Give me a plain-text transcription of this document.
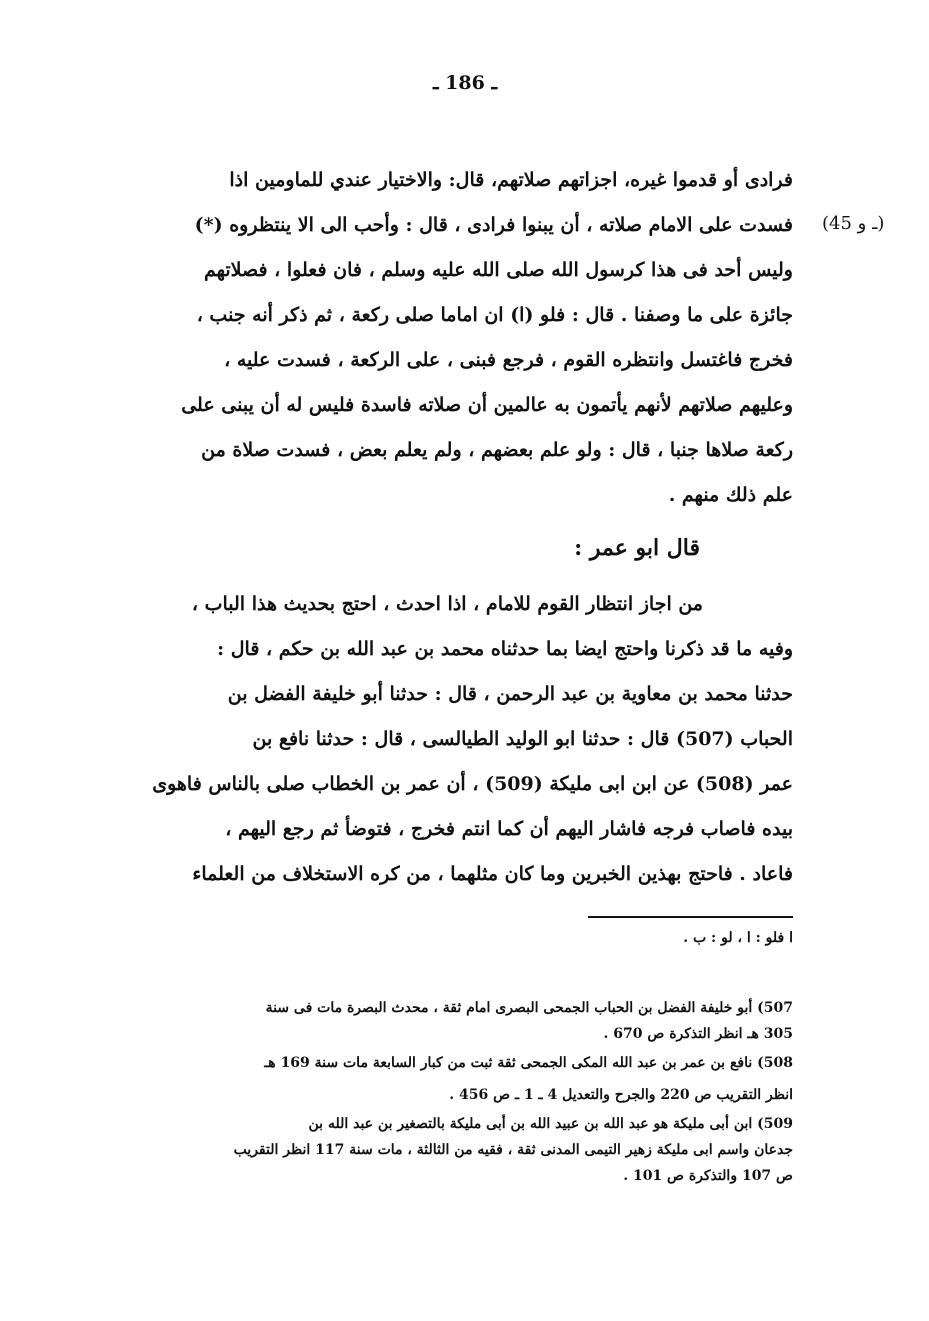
ـ 186 ـ
(45 ـ و)
فرادى أو قدموا غيره، اجزاتهم صلاتهم، قال: والاختيار عندي للماومين اذا
فسدت على الامام صلاته ، أن يبنوا فرادى ، قال : وأحب الى الا ينتظروه (*)
وليس أحد فى هذا كرسول الله صلى الله عليه وسلم ، فان فعلوا ، فصلاتهم
جائزة على ما وصفنا . قال : فلو (ا) ان اماما صلى ركعة ، ثم ذكر أنه جنب ،
فخرج فاغتسل وانتظره القوم ، فرجع فبنى ، على الركعة ، فسدت عليه ،
وعليهم صلاتهم لأنهم يأتمون به عالمين أن صلاته فاسدة فليس له أن يبنى على
ركعة صلاها جنبا ، قال : ولو علم بعضهم ، ولم يعلم بعض ، فسدت صلاة من
علم ذلك منهم .
قال ابو عمر :
من اجاز انتظار القوم للامام ، اذا احدث ، احتج بحديث هذا الباب ،
وفيه ما قد ذكرنا واحتج ايضا بما حدثناه محمد بن عبد الله بن حكم ، قال :
حدثنا محمد بن معاوية بن عبد الرحمن ، قال : حدثنا أبو خليفة الفضل بن
الحباب (507) قال : حدثنا ابو الوليد الطيالسى ، قال : حدثنا نافع بن
عمر (508) عن ابن ابى مليكة (509) ، أن عمر بن الخطاب صلى بالناس فاهوى
بيده فاصاب فرجه فاشار اليهم أن كما انتم فخرج ، فتوضأ ثم رجع اليهم ،
فاعاد . فاحتج بهذين الخبرين وما كان مثلهما ، من كره الاستخلاف من العلماء
ا فلو : ا ، لو : ب .
507) أبو خليفة الفضل بن الحباب الجمحى البصرى امام ثقة ، محدث البصرة مات فى سنة
305 هـ انظر التذكرة ص 670 .
508) نافع بن عمر بن عبد الله المكى الجمحى ثقة ثبت من كبار السابعة مات سنة 169 هـ
انظر التقريب ص 220 والجرح والتعديل 4 ـ 1 ـ ص 456 .
509) ابن أبى مليكة هو عبد الله بن عبيد الله بن أبى مليكة بالتصغير بن عبد الله بن
جدعان واسم ابى مليكة زهير التيمى المدنى ثقة ، فقيه من الثالثة ، مات سنة 117 انظر التقريب
ص 107 والتذكرة ص 101 .
